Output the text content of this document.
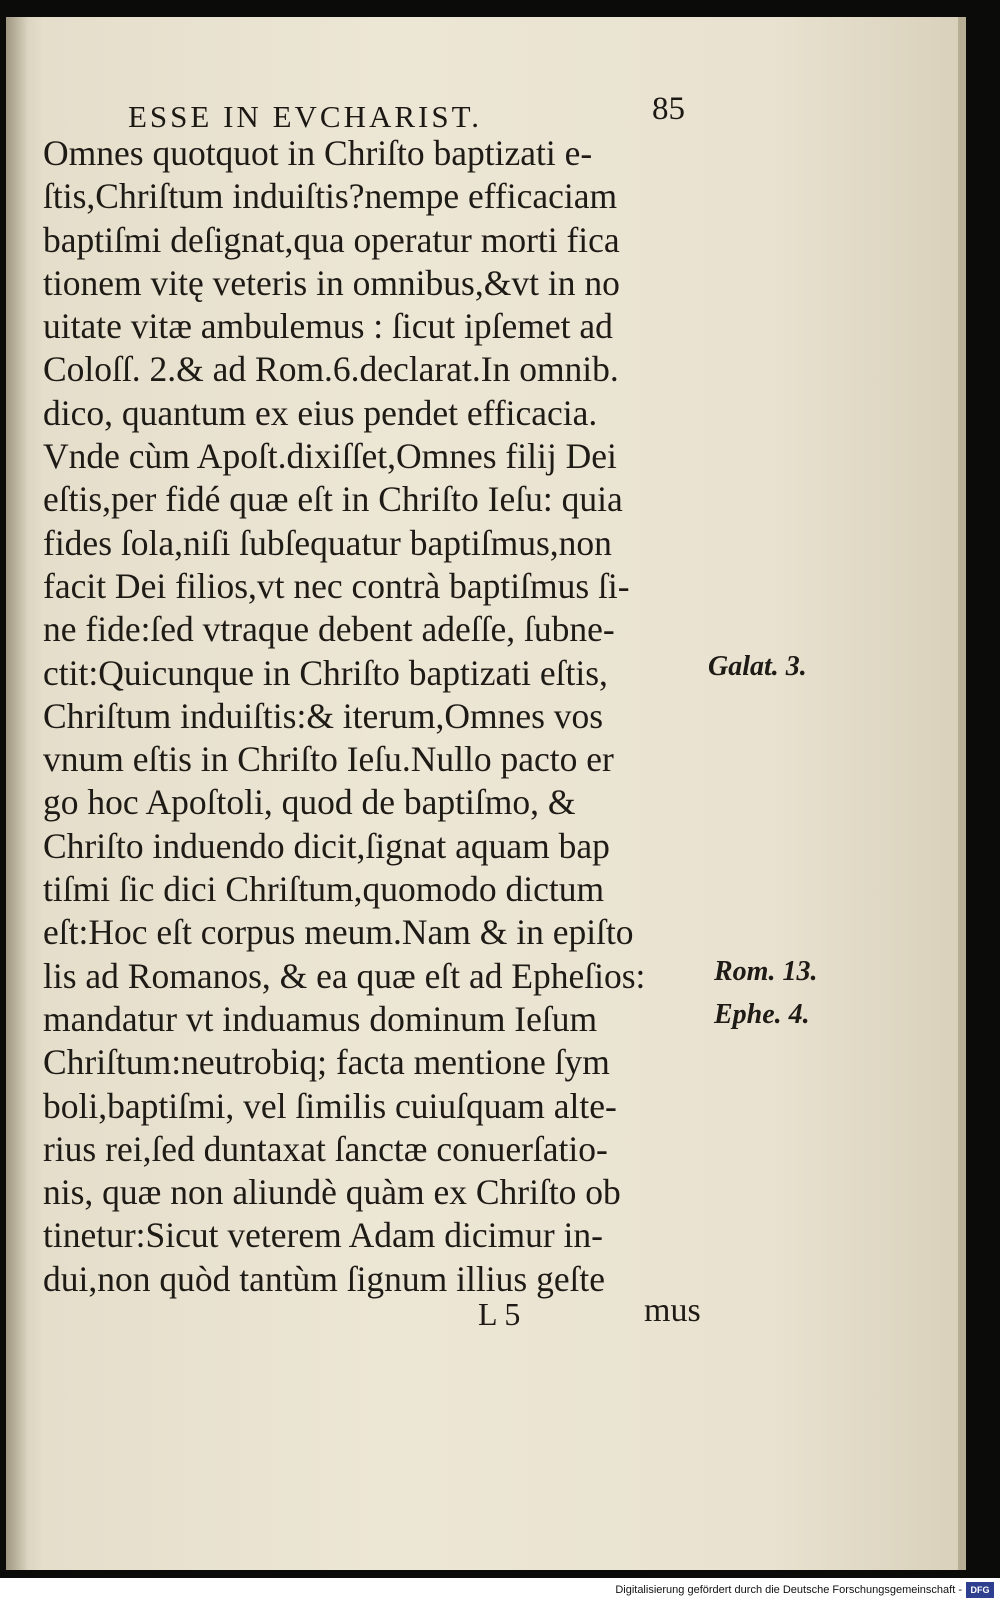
ESSE IN EVCHARIST.	85
Omnes quotquot in Chriſto baptizati e-
ſtis,Chriſtum induiſtis?nempe efficaciam
baptiſmi deſignat,qua operatur morti fica
tionem vitę veteris in omnibus,&vt in no
uitate vitæ ambulemus : ſicut ipſemet ad
Coloſſ. 2.& ad Rom.6.declarat.In omnib.
dico, quantum ex eius pendet efficacia.
Vnde cùm Apoſt.dixiſſet,Omnes filij Dei
eſtis,per fidé quæ eſt in Chriſto Ieſu: quia
fides ſola,niſi ſubſequatur baptiſmus,non
facit Dei filios,vt nec contrà baptiſmus ſi-
ne fide:ſed vtraque debent adeſſe, ſubne-
ctit:Quicunque in Chriſto baptizati eſtis,
Chriſtum induiſtis:& iterum,Omnes vos
vnum eſtis in Chriſto Ieſu.Nullo pacto er
go hoc Apoſtoli, quod de baptiſmo, &
Chriſto induendo dicit,ſignat aquam bap
tiſmi ſic dici Chriſtum,quomodo dictum
eſt:Hoc eſt corpus meum.Nam & in epiſto
lis ad Romanos, & ea quæ eſt ad Epheſios:
mandatur vt induamus dominum Ieſum
Chriſtum:neutrobiq; facta mentione ſym
boli,baptiſmi, vel ſimilis cuiuſquam alte-
rius rei,ſed duntaxat ſanctæ conuerſatio-
nis, quæ non aliundè quàm ex Chriſto ob
tinetur:Sicut veterem Adam dicimur in-
dui,non quòd tantùm ſignum illius geſte
Galat. 3.
Rom. 13.
Ephe. 4.
L 5	mus
Digitalisierung gefördert durch die Deutsche Forschungsgemeinschaft - DFG
